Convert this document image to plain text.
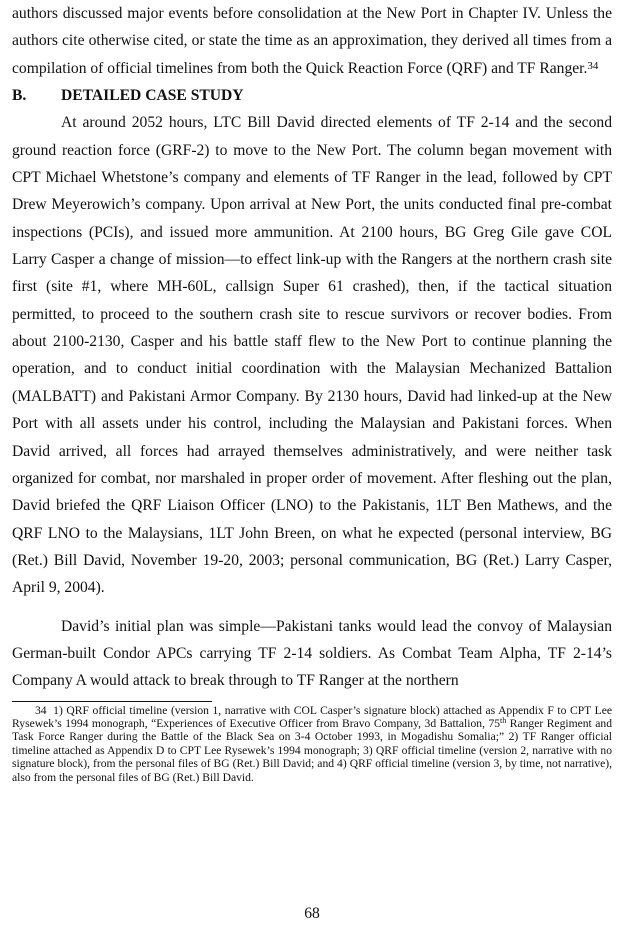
authors discussed major events before consolidation at the New Port in Chapter IV. Unless the authors cite otherwise cited, or state the time as an approximation, they derived all times from a compilation of official timelines from both the Quick Reaction Force (QRF) and TF Ranger.$^{34}$

B. DETAILED CASE STUDY

At around 2052 hours, LTC Bill David directed elements of TF 2-14 and the second ground reaction force (GRF-2) to move to the New Port. The column began movement with CPT Michael Whetstone’s company and elements of TF Ranger in the lead, followed by CPT Drew Meyerowich’s company. Upon arrival at New Port, the units conducted final pre-combat inspections (PCIs), and issued more ammunition. At 2100 hours, BG Greg Gile gave COL Larry Casper a change of mission—to effect link-up with the Rangers at the northern crash site first (site #1, where MH-60L, callsign Super 61 crashed), then, if the tactical situation permitted, to proceed to the southern crash site to rescue survivors or recover bodies. From about 2100-2130, Casper and his battle staff flew to the New Port to continue planning the operation, and to conduct initial coordination with the Malaysian Mechanized Battalion (MALBATT) and Pakistani Armor Company. By 2130 hours, David had linked-up at the New Port with all assets under his control, including the Malaysian and Pakistani forces. When David arrived, all forces had arrayed themselves administratively, and were neither task organized for combat, nor marshaled in proper order of movement. After fleshing out the plan, David briefed the QRF Liaison Officer (LNO) to the Pakistanis, 1LT Ben Mathews, and the QRF LNO to the Malaysians, 1LT John Breen, on what he expected (personal interview, BG (Ret.) Bill David, November 19-20, 2003; personal communication, BG (Ret.) Larry Casper, April 9, 2004).

David’s initial plan was simple—Pakistani tanks would lead the convoy of Malaysian German-built Condor APCs carrying TF 2-14 soldiers. As Combat Team Alpha, TF 2-14’s Company A would attack to break through to TF Ranger at the northern

34 1) QRF official timeline (version 1, narrative with COL Casper’s signature block) attached as Appendix F to CPT Lee Rysewek’s 1994 monograph, “Experiences of Executive Officer from Bravo Company, 3d Battalion, 75th Ranger Regiment and Task Force Ranger during the Battle of the Black Sea on 3-4 October 1993, in Mogadishu Somalia;” 2) TF Ranger official timeline attached as Appendix D to CPT Lee Rysewek’s 1994 monograph; 3) QRF official timeline (version 2, narrative with no signature block), from the personal files of BG (Ret.) Bill David; and 4) QRF official timeline (version 3, by time, not narrative), also from the personal files of BG (Ret.) Bill David.

68
